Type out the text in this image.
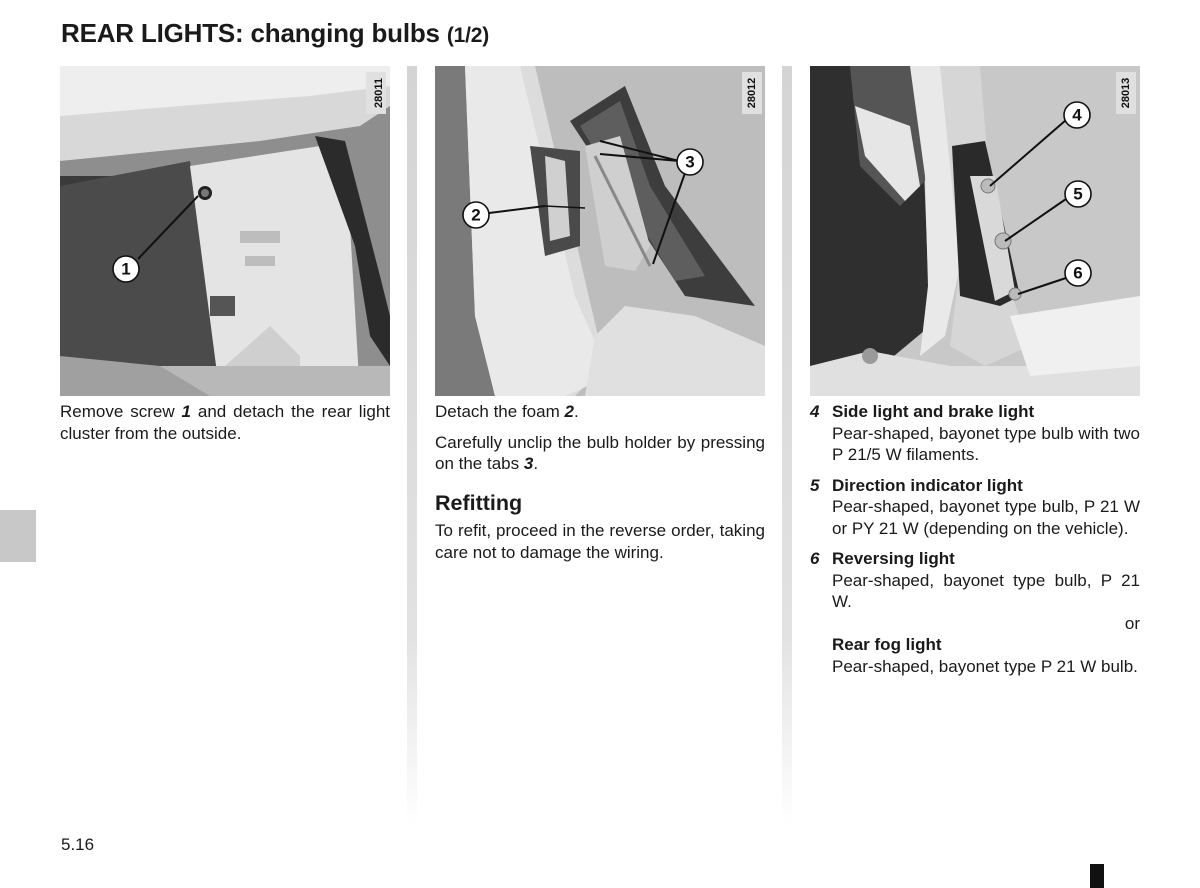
REAR LIGHTS: changing bulbs (1/2)
28011
1
28012
2
3
28013
4
5
6

Remove screw 1 and detach the rear light cluster from the outside.

Detach the foam 2.

Carefully unclip the bulb holder by pressing on the tabs 3.

Refitting

To refit, proceed in the reverse order, taking care not to damage the wiring.

4 Side light and brake light
Pear-shaped, bayonet type bulb with two P 21/5 W filaments.
5 Direction indicator light
Pear-shaped, bayonet type bulb, P 21 W or PY 21 W (depending on the vehicle).
6 Reversing light
Pear-shaped, bayonet type bulb, P 21 W.
or
Rear fog light
Pear-shaped, bayonet type P 21 W bulb.
5.16
